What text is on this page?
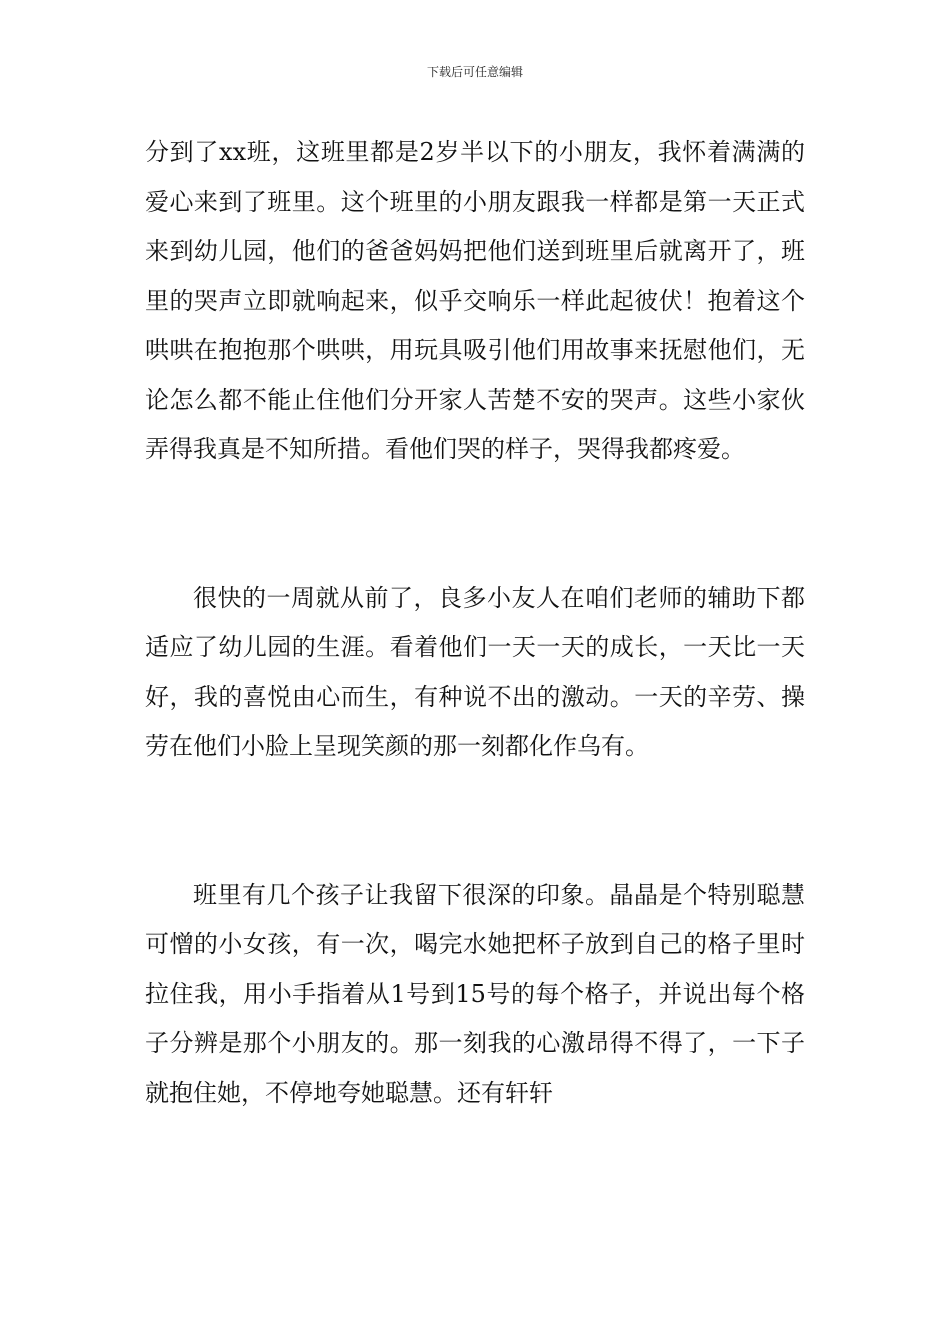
下载后可任意编辑

分到了xx班，这班里都是2岁半以下的小朋友，我怀着满满的爱心来到了班里。这个班里的小朋友跟我一样都是第一天正式来到幼儿园，他们的爸爸妈妈把他们送到班里后就离开了，班里的哭声立即就响起来，似乎交响乐一样此起彼伏！抱着这个哄哄在抱抱那个哄哄，用玩具吸引他们用故事来抚慰他们，无论怎么都不能止住他们分开家人苦楚不安的哭声。这些小家伙弄得我真是不知所措。看他们哭的样子，哭得我都疼爱。

很快的一周就从前了，良多小友人在咱们老师的辅助下都适应了幼儿园的生涯。看着他们一天一天的成长，一天比一天好，我的喜悦由心而生，有种说不出的激动。一天的辛劳、操劳在他们小脸上呈现笑颜的那一刻都化作乌有。

班里有几个孩子让我留下很深的印象。晶晶是个特别聪慧可憎的小女孩，有一次，喝完水她把杯子放到自己的格子里时拉住我，用小手指着从1号到15号的每个格子，并说出每个格子分辨是那个小朋友的。那一刻我的心激昂得不得了，一下子就抱住她，不停地夸她聪慧。还有轩轩
